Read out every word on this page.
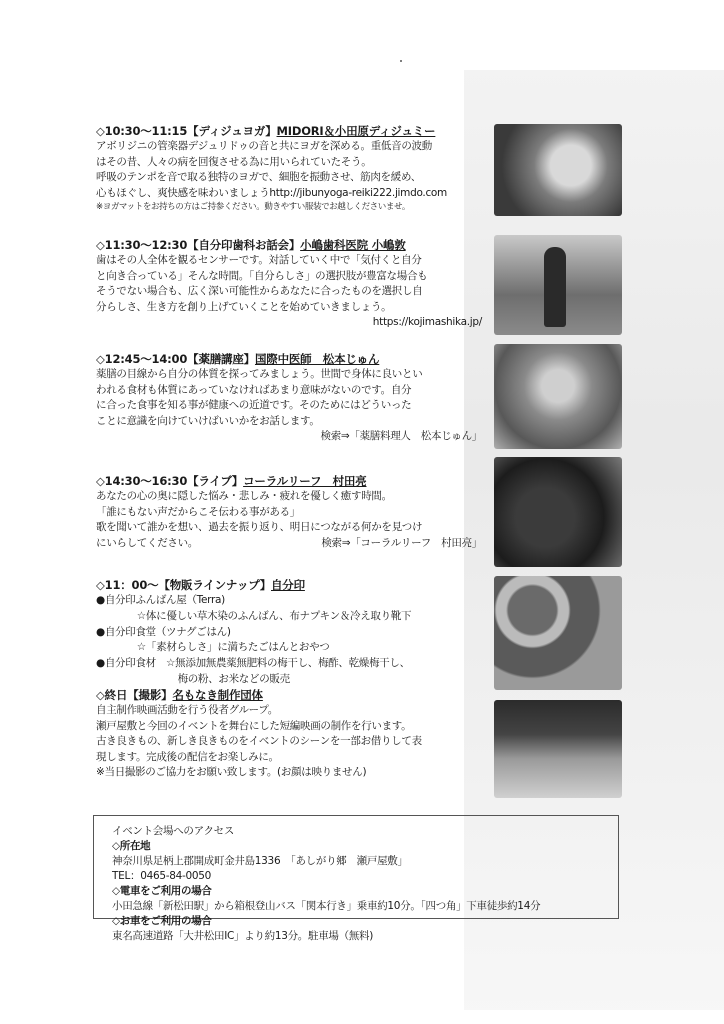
◇10:30～11:15【ディジュヨガ】MIDORI＆小田原ディジュミー
アボリジニの管楽器デジュリドゥの音と共にヨガを深める。重低音の波動
はその昔、人々の病を回復させる為に用いられていたそう。
呼吸のテンポを音で取る独特のヨガで、細胞を振動させ、筋肉を緩め、
心もほぐし、爽快感を味わいましょうhttp://jibunyoga-reiki222.jimdo.com
※ヨガマットをお持ちの方はご持参ください。動きやすい服装でお越しくださいませ。
◇11:30～12:30【自分印歯科お話会】小嶋歯科医院 小嶋敦
歯はその人全体を観るセンサーです。対話していく中で「気付くと自分
と向き合っている」そんな時間。「自分らしさ」の選択肢が豊富な場合も
そうでない場合も、広く深い可能性からあなたに合ったものを選択し自
分らしさ、生き方を創り上げていくことを始めていきましょう。
https://kojimashika.jp/
◇12:45～14:00【薬膳講座】国際中医師　松本じゅん
薬膳の目線から自分の体質を探ってみましょう。世間で身体に良いとい
われる食材も体質にあっていなければあまり意味がないのです。自分
に合った食事を知る事が健康への近道です。そのためにはどういった
ことに意識を向けていけばいいかをお話します。
検索⇒「薬膳料理人　松本じゅん」
◇14:30～16:30【ライブ】コーラルリーフ　村田亮
あなたの心の奥に隠した悩み・悲しみ・疲れを優しく癒す時間。
「誰にもない声だからこそ伝わる事がある」
歌を聞いて誰かを想い、過去を振り返り、明日につながる何かを見つけ
にいらしてください。	検索⇒「コーラルリーフ　村田亮」
◇11：00～【物販ラインナップ】自分印
●自分印ふんばん屋（Terra)
　　　　☆体に優しい草木染のふんばん、布ナプキン＆冷え取り靴下
●自分印食堂（ツナグごはん)
　　　　☆「素材らしさ」に満ちたごはんとおやつ
●自分印食材　☆無添加無農薬無肥料の梅干し、梅酢、乾燥梅干し、
　　　　　　　　梅の粉、お米などの販売
◇終日【撮影】名もなき制作団体
自主制作映画活動を行う役者グループ。
瀬戸屋敷と今回のイベントを舞台にした短編映画の制作を行います。
古き良きもの、新しき良きものをイベントのシーンを一部お借りして表
現します。完成後の配信をお楽しみに。
※当日撮影のご協力をお願い致します。(お顔は映りません)
イベント会場へのアクセス
◇所在地
神奈川県足柄上郡開成町金井島1336　「あしがり郷　瀬戸屋敷」
TEL：0465-84-0050
◇電車をご利用の場合
小田急線「新松田駅」から箱根登山バス「関本行き」乗車約10分。「四つ角」下車徒歩約14分
◇お車をご利用の場合
東名高速道路「大井松田IC」より約13分。駐車場（無料)
